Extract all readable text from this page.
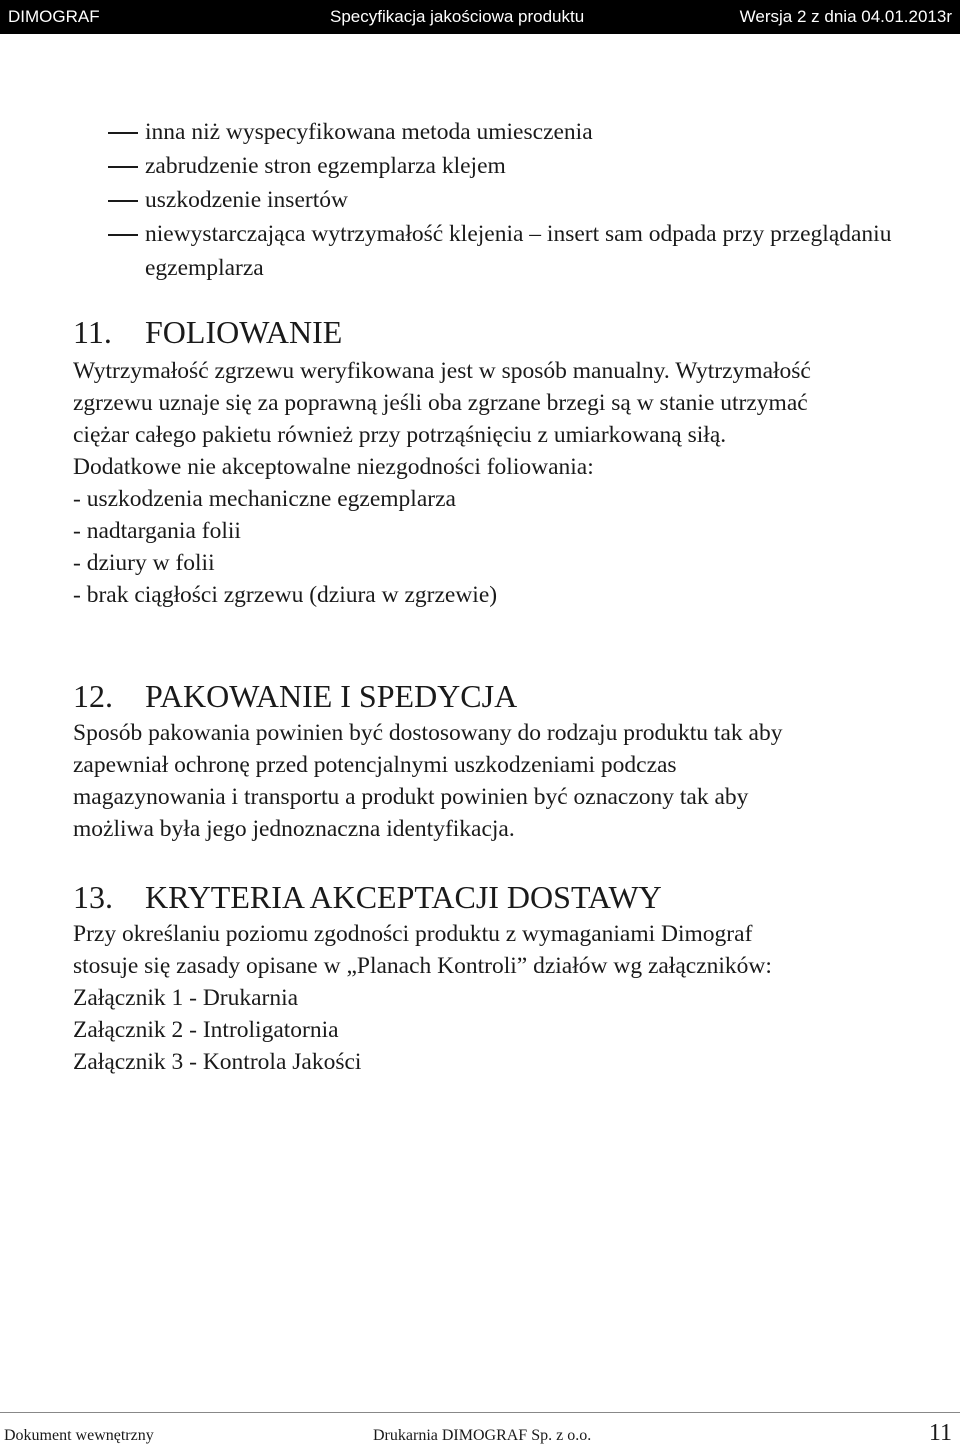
DIMOGRAF	Specyfikacja jakościowa produktu	Wersja 2 z dnia 04.01.2013r
inna niż wyspecyfikowana metoda umiesczenia
zabrudzenie stron egzemplarza klejem
uszkodzenie insertów
niewystarczająca wytrzymałość klejenia – insert sam odpada przy przeglądaniu egzemplarza
11. FOLIOWANIE

Wytrzymałość zgrzewu weryfikowana jest w sposób manualny. Wytrzymałość

zgrzewu uznaje się za poprawną jeśli oba zgrzane brzegi są w stanie utrzymać

ciężar całego pakietu również przy potrząśnięciu z umiarkowaną siłą.

Dodatkowe nie akceptowalne niezgodności foliowania:

- uszkodzenia mechaniczne egzemplarza

- nadtargania folii

- dziury w folii

- brak ciągłości zgrzewu (dziura w zgrzewie)

12. PAKOWANIE I SPEDYCJA

Sposób pakowania powinien być dostosowany do rodzaju produktu tak aby

zapewniał ochronę przed potencjalnymi uszkodzeniami podczas

magazynowania i transportu a produkt powinien być oznaczony tak aby

możliwa była jego jednoznaczna identyfikacja.

13. KRYTERIA AKCEPTACJI DOSTAWY

Przy określaniu poziomu zgodności produktu z wymaganiami Dimograf

stosuje się zasady opisane w „Planach Kontroli” działów wg załączników:

Załącznik 1 - Drukarnia

Załącznik 2 - Introligatornia

Załącznik 3 - Kontrola Jakości

Dokument wewnętrzny	Drukarnia DIMOGRAF Sp. z o.o.	11
